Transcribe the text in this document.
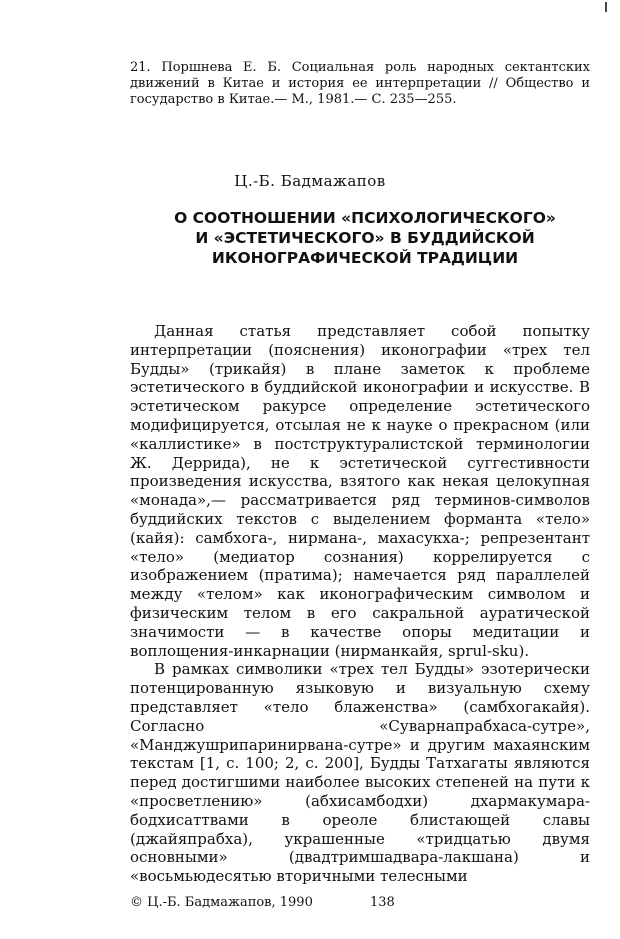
21. Поршнева Е. Б. Социальная роль народных сектантских движений в Китае и история ее интерпретации // Общество и государство в Китае.— М., 1981.— С. 235—255.
Ц.-Б. Бадмажапов
О СООТНОШЕНИИ «ПСИХОЛОГИЧЕСКОГО»
И «ЭСТЕТИЧЕСКОГО» В БУДДИЙСКОЙ
ИКОНОГРАФИЧЕСКОЙ ТРАДИЦИИ

Данная статья представляет собой попытку интерпретации (пояснения) иконографии «трех тел Будды» (трикайя) в плане заметок к проблеме эстетического в буддийской иконографии и искусстве. В эстетическом ракурсе определение эстетического модифицируется, отсылая не к науке о прекрасном (или «каллистике» в постструктуралистской терминологии Ж. Деррида), не к эстетической суггестивности произведения искусства, взятого как некая целокупная «монада»,— рассматривается ряд терминов-символов буддийских текстов с выделением форманта «тело» (кайя): самбхога-, нирмана-, махасукха-; репрезентант «тело» (медиатор сознания) коррелируется с изображением (пратима); намечается ряд параллелей между «телом» как иконографическим символом и физическим телом в его сакральной ауратической значимости — в качестве опоры медитации и воплощения-инкарнации (нирманкайя, sprul-sku).

В рамках символики «трех тел Будды» эзотерически потенцированную языковую и визуальную схему представляет «тело блаженства» (самбхогакайя). Согласно «Суварнапрабхаса-сутре», «Манджушрипаринирвана-сутре» и другим махаянским текстам [1, с. 100; 2, с. 200], Будды Татхагаты являются перед достигшими наиболее высоких степеней на пути к «просветлению» (абхисамбодхи) дхармакумара-бодхисаттвами в ореоле блистающей славы (джайяпрабха), украшенные «тридцатью двумя основными» (двадтримшадвара-лакшана) и «восьмьюдесятью вторичными телесными

© Ц.-Б. Бадмажапов, 1990	138
